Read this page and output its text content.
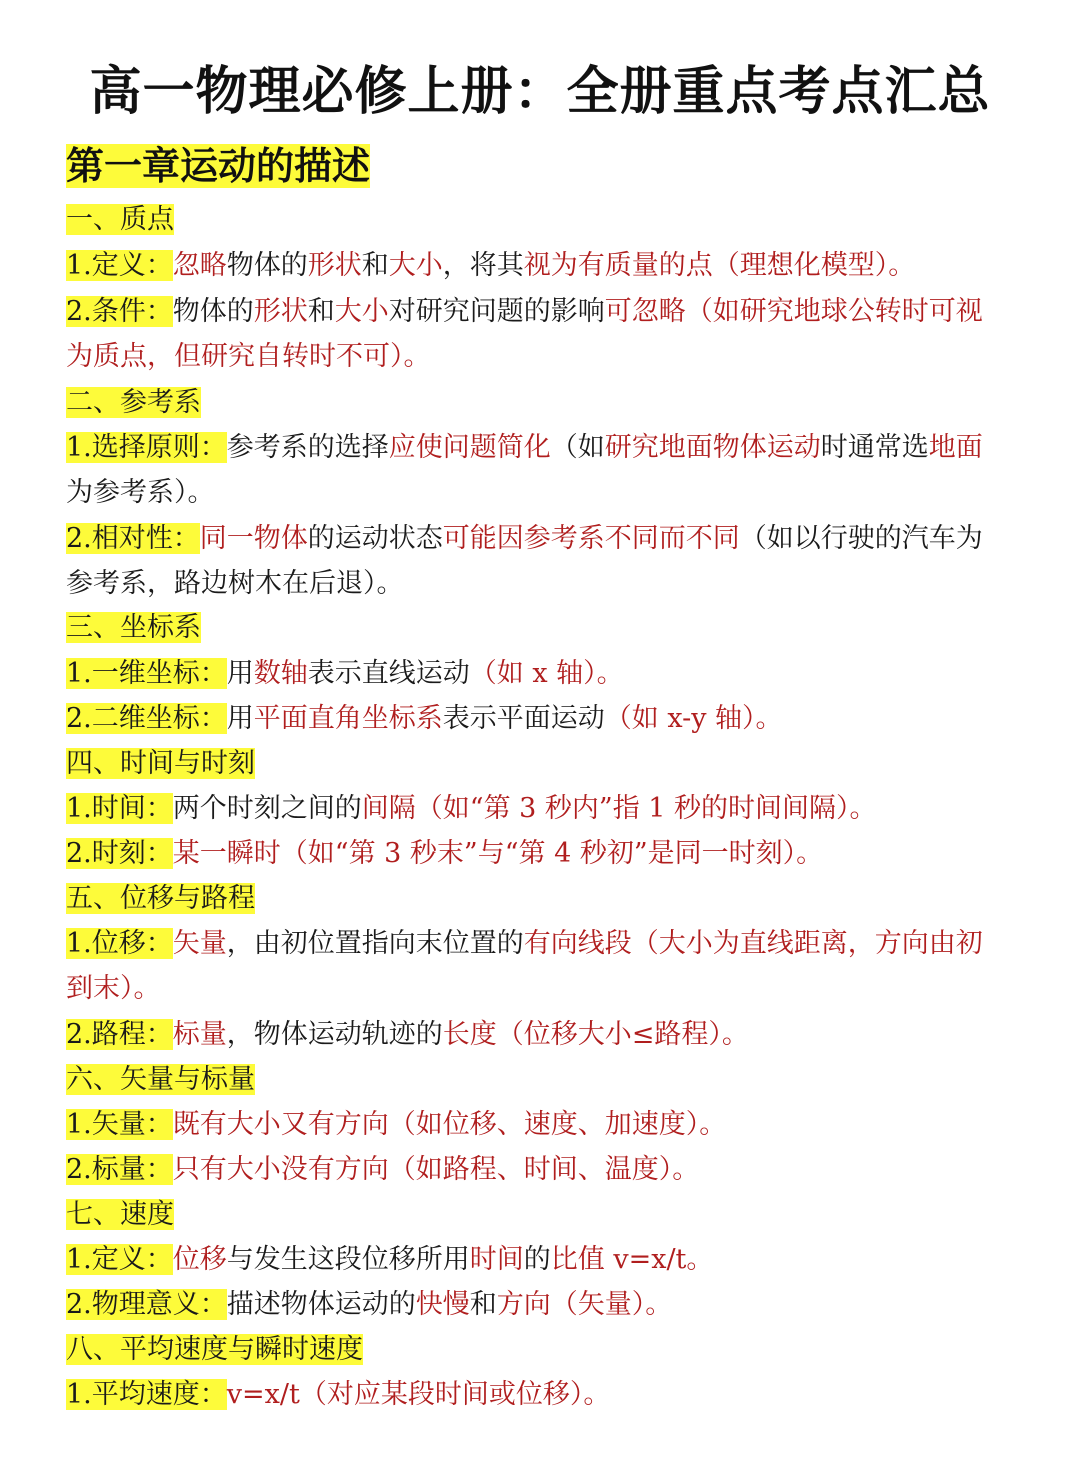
高一物理必修上册：全册重点考点汇总
第一章运动的描述
一、质点
1.定义：忽略物体的形状和大小，将其视为有质量的点（理想化模型）。
2.条件：物体的形状和大小对研究问题的影响可忽略（如研究地球公转时可视为质点，但研究自转时不可）。
二、参考系
1.选择原则：参考系的选择应使问题简化（如研究地面物体运动时通常选地面为参考系）。
2.相对性：同一物体的运动状态可能因参考系不同而不同（如以行驶的汽车为参考系，路边树木在后退）。
三、坐标系
1.一维坐标：用数轴表示直线运动（如 x 轴）。
2.二维坐标：用平面直角坐标系表示平面运动（如 x-y 轴）。
四、时间与时刻
1.时间：两个时刻之间的间隔（如“第 3 秒内”指 1 秒的时间间隔）。
2.时刻：某一瞬时（如“第 3 秒末”与“第 4 秒初”是同一时刻）。
五、位移与路程
1.位移：矢量，由初位置指向末位置的有向线段（大小为直线距离，方向由初到末）。
2.路程：标量，物体运动轨迹的长度（位移大小≤路程）。
六、矢量与标量
1.矢量：既有大小又有方向（如位移、速度、加速度）。
2.标量：只有大小没有方向（如路程、时间、温度）。
七、速度
1.定义：位移与发生这段位移所用时间的比值 v=x/t。
2.物理意义：描述物体运动的快慢和方向（矢量）。
八、平均速度与瞬时速度
1.平均速度：v=x/t（对应某段时间或位移）。
